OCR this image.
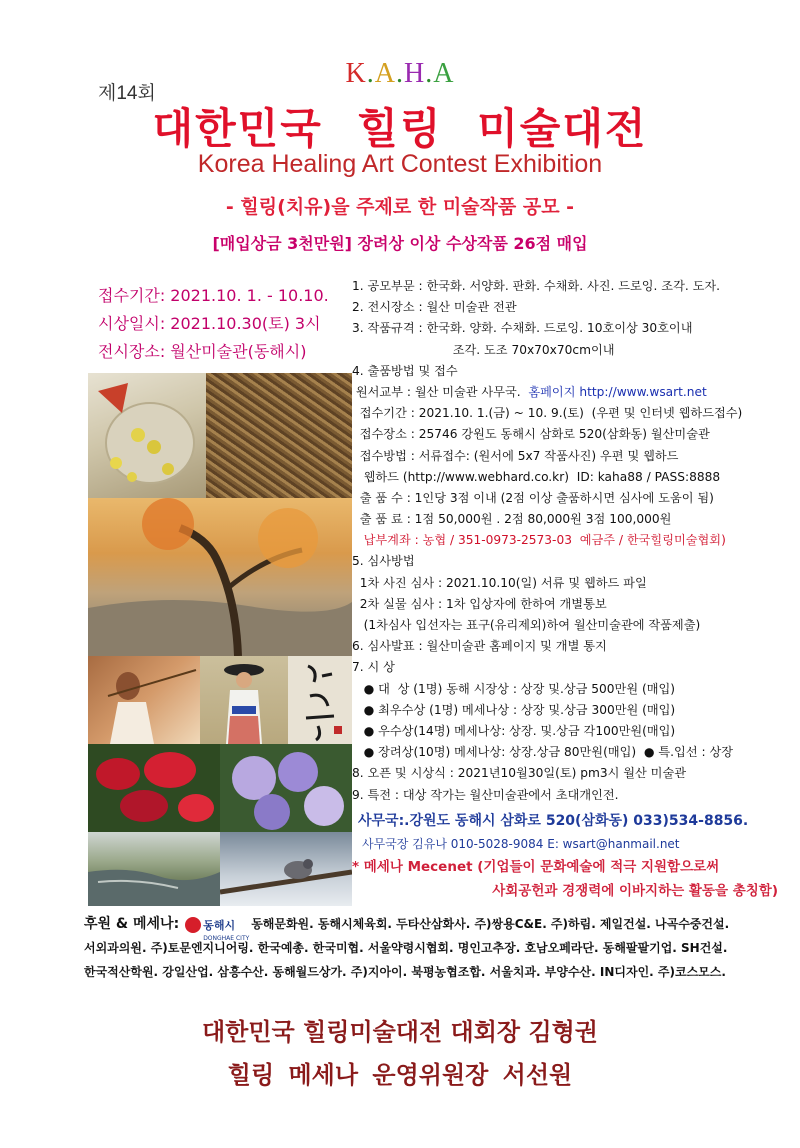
제14회
K.A.H.A
대한민국 힐링 미술대전
Korea Healing Art Contest Exhibition
- 힐링(치유)을 주제로 한 미술작품 공모 -
[매입상금 3천만원] 장려상 이상 수상작품 26점 매입
접수기간: 2021.10. 1. - 10.10.
시상일시: 2021.10.30(토) 3시
전시장소: 월산미술관(동해시)
1. 공모부문 : 한국화. 서양화. 판화. 수채화. 사진. 드로잉. 조각. 도자.
2. 전시장소 : 월산 미술관 전관
3. 작품규격 : 한국화. 양화. 수채화. 드로잉. 10호이상 30호이내
조각. 도조 70x70x70cm이내
4. 출품방법 및 접수
원서교부 : 월산 미술관 사무국.  홈페이지 http://www.wsart.net
접수기간 : 2021.10. 1.(금) ~ 10. 9.(토)  (우편 및 인터넷 웹하드접수)
접수장소 : 25746 강원도 동해시 삼화로 520(삼화동) 월산미술관
접수방법 : 서류접수: (원서에 5x7 작품사진) 우편 및 웹하드
웹하드 (http://www.webhard.co.kr)  ID: kaha88 / PASS:8888
출 품 수 : 1인당 3점 이내 (2점 이상 출품하시면 심사에 도움이 됨)
출 품 료 : 1점 50,000원 . 2점 80,000원 3점 100,000원
납부계좌 : 농협 / 351-0973-2573-03  예금주 / 한국힐링미술협회)
5. 심사방법
1차 사진 심사 : 2021.10.10(일) 서류 및 웹하드 파일
2차 실물 심사 : 1차 입상자에 한하여 개별통보
(1차심사 입선자는 표구(유리제외)하여 월산미술관에 작품제출)
6. 심사발표 : 월산미술관 홈페이지 및 개별 통지
7. 시 상
● 대  상 (1명) 동해 시장상 : 상장 및.상금 500만원 (매입)
● 최우수상 (1명) 메세나상 : 상장 및.상금 300만원 (매입)
● 우수상(14명) 메세나상: 상장. 및.상금 각100만원(매입)
● 장려상(10명) 메세나상: 상장.상금 80만원(매입)  ● 특.입선 : 상장
8. 오픈 및 시상식 : 2021년10월30일(토) pm3시 월산 미술관
9. 특전 : 대상 작가는 월산미술관에서 초대개인전.
사무국:.강원도 동해시 삼화로 520(삼화동) 033)534-8856.
사무국장 김유나 010-5028-9084 E: wsart@hanmail.net
* 메세나 Mecenet (기업들이 문화예술에 적극 지원함으로써
사회공헌과 경쟁력에 이바지하는 활동을 총칭함)
후원 & 메세나: 동해시
DONGHAE CITY
동해문화원. 동해시체육회. 두타산삼화사. 주)쌍용C&E. 주)하림. 제일건설. 나곡수중건설.
서외과의원. 주)토문엔지니어링. 한국예총. 한국미협. 서울약령시협회. 명인고추장. 호남오페라단. 동해팔팔기업. SH건설.
한국적산학원. 강일산업. 삼흥수산. 동해월드상가. 주)지아이. 북평농협조합. 서울치과. 부양수산. IN디자인. 주)코스모스.
대한민국 힐링미술대전 대회장 김형권
힐링 메세나 운영위원장 서선원
